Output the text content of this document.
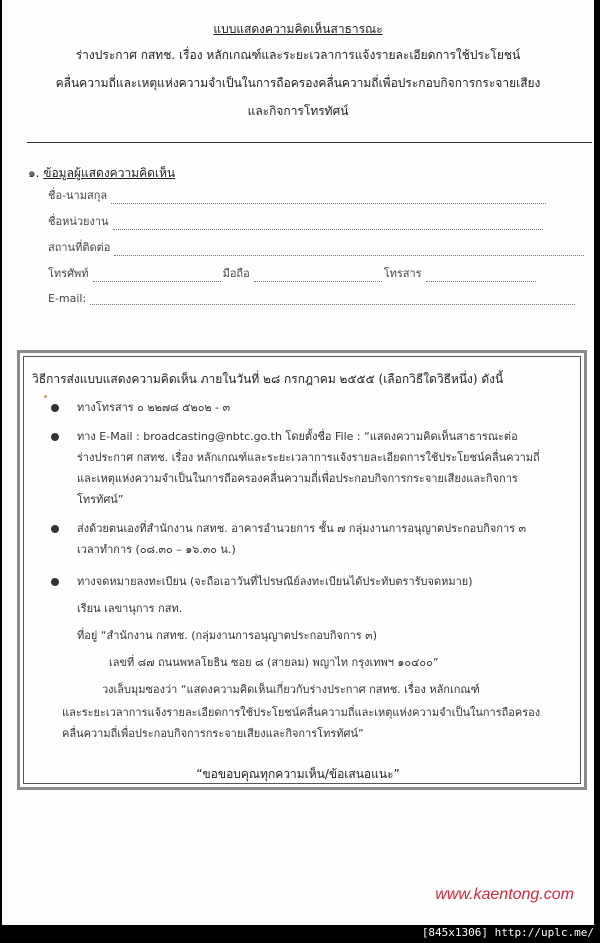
แบบแสดงความคิดเห็นสาธารณะ
ร่างประกาศ กสทช. เรื่อง หลักเกณฑ์และระยะเวลาการแจ้งรายละเอียดการใช้ประโยชน์
คลื่นความถี่และเหตุแห่งความจำเป็นในการถือครองคลื่นความถี่เพื่อประกอบกิจการกระจายเสียง
และกิจการโทรทัศน์
๑. ข้อมูลผู้แสดงความคิดเห็น
ชื่อ-นามสกุล
ชื่อหน่วยงาน
สถานที่ติดต่อ
โทรศัพท์	มือถือ	โทรสาร
E-mail:
วิธีการส่งแบบแสดงความคิดเห็น ภายในวันที่ ๒๘ กรกฎาคม ๒๕๕๕ (เลือกวิธีใดวิธีหนึ่ง) ดังนี้
ทางโทรสาร ๐ ๒๒๗๘ ๕๒๐๒ - ๓
ทาง E-Mail : broadcasting@nbtc.go.th โดยตั้งชื่อ File : “แสดงความคิดเห็นสาธารณะต่อ
ร่างประกาศ กสทช. เรื่อง หลักเกณฑ์และระยะเวลาการแจ้งรายละเอียดการใช้ประโยชน์คลื่นความถี่
และเหตุแห่งความจำเป็นในการถือครองคลื่นความถี่เพื่อประกอบกิจการกระจายเสียงและกิจการ
โทรทัศน์”
ส่งด้วยตนเองที่สำนักงาน กสทช. อาคารอำนวยการ ชั้น ๗ กลุ่มงานการอนุญาตประกอบกิจการ ๓
เวลาทำการ (๐๘.๓๐ – ๑๖.๓๐ น.)
ทางจดหมายลงทะเบียน (จะถือเอาวันที่ไปรษณีย์ลงทะเบียนได้ประทับตรารับจดหมาย)
เรียน เลขานุการ กสท.
ที่อยู่ “สำนักงาน กสทช. (กลุ่มงานการอนุญาตประกอบกิจการ ๓)
เลขที่ ๘๗ ถนนพหลโยธิน ซอย ๘ (สายลม) พญาไท กรุงเทพฯ ๑๐๔๐๐”
วงเล็บมุมซองว่า “แสดงความคิดเห็นเกี่ยวกับร่างประกาศ กสทช. เรื่อง หลักเกณฑ์
และระยะเวลาการแจ้งรายละเอียดการใช้ประโยชน์คลื่นความถี่และเหตุแห่งความจำเป็นในการถือครอง
คลื่นความถี่เพื่อประกอบกิจการกระจายเสียงและกิจการโทรทัศน์”
“ขอขอบคุณทุกความเห็น/ข้อเสนอแนะ”
www.kaentong.com
[845x1306] http://uplc.me/
